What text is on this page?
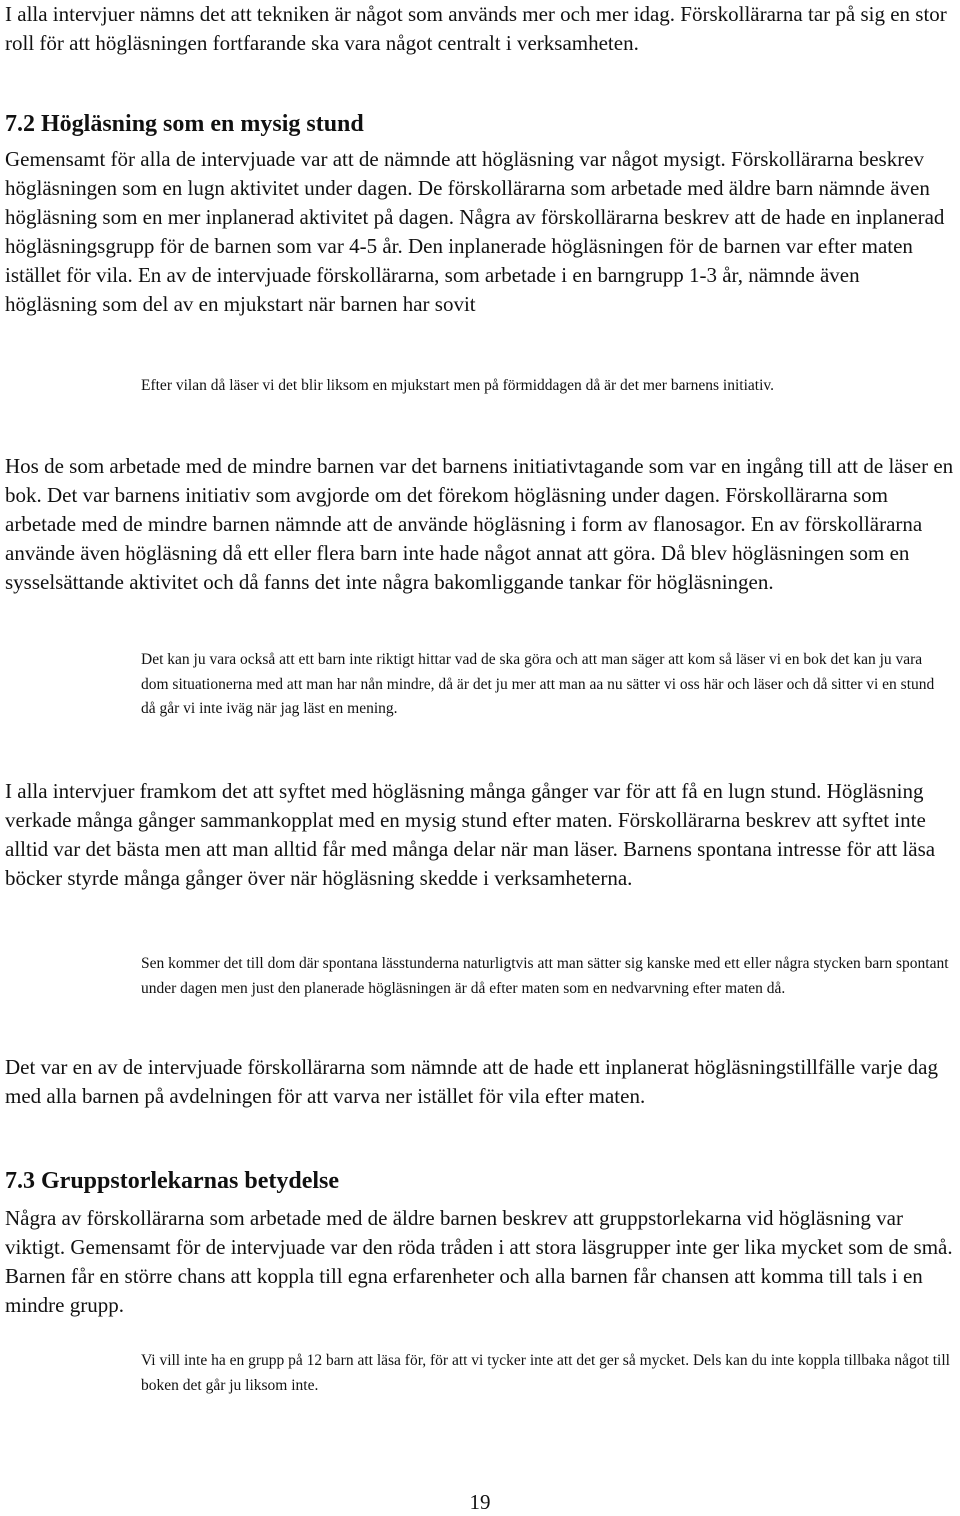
I alla intervjuer nämns det att tekniken är något som används mer och mer idag. Förskollärarna tar på sig en stor roll för att högläsningen fortfarande ska vara något centralt i verksamheten.

7.2 Högläsning som en mysig stund

Gemensamt för alla de intervjuade var att de nämnde att högläsning var något mysigt. Förskollärarna beskrev högläsningen som en lugn aktivitet under dagen. De förskollärarna som arbetade med äldre barn nämnde även högläsning som en mer inplanerad aktivitet på dagen. Några av förskollärarna beskrev att de hade en inplanerad högläsningsgrupp för de barnen som var 4-5 år. Den inplanerade högläsningen för de barnen var efter maten istället för vila. En av de intervjuade förskollärarna, som arbetade i en barngrupp 1-3 år, nämnde även högläsning som del av en mjukstart när barnen har sovit

Efter vilan då läser vi det blir liksom en mjukstart men på förmiddagen då är det mer barnens initiativ.

Hos de som arbetade med de mindre barnen var det barnens initiativtagande som var en ingång till att de läser en bok. Det var barnens initiativ som avgjorde om det förekom högläsning under dagen. Förskollärarna som arbetade med de mindre barnen nämnde att de använde högläsning i form av flanosagor. En av förskollärarna använde även högläsning då ett eller flera barn inte hade något annat att göra. Då blev högläsningen som en sysselsättande aktivitet och då fanns det inte några bakomliggande tankar för högläsningen.

Det kan ju vara också att ett barn inte riktigt hittar vad de ska göra och att man säger att kom så läser vi en bok det kan ju vara dom situationerna med att man har nån mindre, då är det ju mer att man aa nu sätter vi oss här och läser och då sitter vi en stund då går vi inte iväg när jag läst en mening.

I alla intervjuer framkom det att syftet med högläsning många gånger var för att få en lugn stund. Högläsning verkade många gånger sammankopplat med en mysig stund efter maten. Förskollärarna beskrev att syftet inte alltid var det bästa men att man alltid får med många delar när man läser. Barnens spontana intresse för att läsa böcker styrde många gånger över när högläsning skedde i verksamheterna.

Sen kommer det till dom där spontana lässtunderna naturligtvis att man sätter sig kanske med ett eller några stycken barn spontant under dagen men just den planerade högläsningen är då efter maten som en nedvarvning efter maten då.

Det var en av de intervjuade förskollärarna som nämnde att de hade ett inplanerat högläsningstillfälle varje dag med alla barnen på avdelningen för att varva ner istället för vila efter maten.

7.3 Gruppstorlekarnas betydelse

Några av förskollärarna som arbetade med de äldre barnen beskrev att gruppstorlekarna vid högläsning var viktigt. Gemensamt för de intervjuade var den röda tråden i att stora läsgrupper inte ger lika mycket som de små. Barnen får en större chans att koppla till egna erfarenheter och alla barnen får chansen att komma till tals i en mindre grupp.

Vi vill inte ha en grupp på 12 barn att läsa för, för att vi tycker inte att det ger så mycket. Dels kan du inte koppla tillbaka något till boken det går ju liksom inte.

19
